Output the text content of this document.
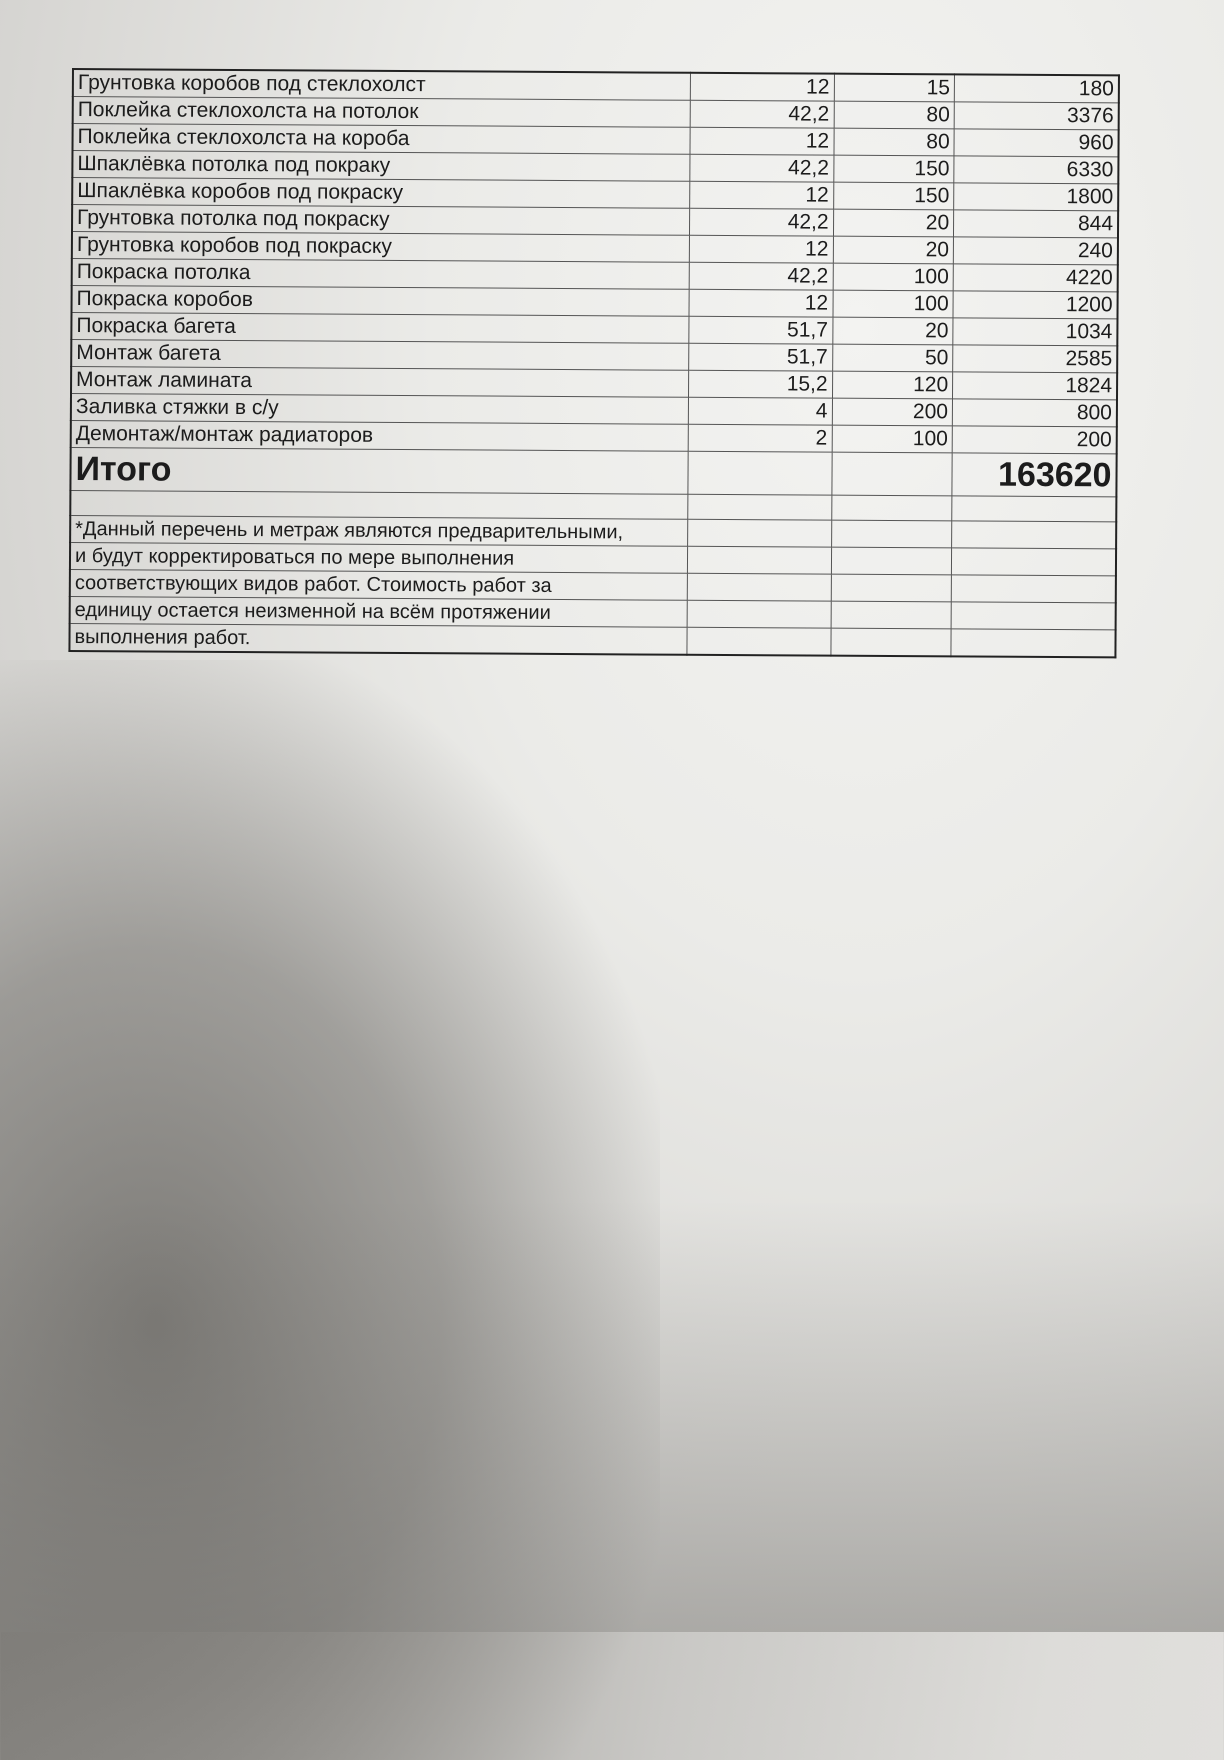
Грунтовка коробов под стеклохолст	12	15	180
Поклейка стеклохолста на потолок	42,2	80	3376
Поклейка стеклохолста на короба	12	80	960
Шпаклёвка потолка под покраку	42,2	150	6330
Шпаклёвка коробов под покраску	12	150	1800
Грунтовка потолка под покраску	42,2	20	844
Грунтовка коробов под покраску	12	20	240
Покраска потолка	42,2	100	4220
Покраска коробов	12	100	1200
Покраска багета	51,7	20	1034
Монтаж багета	51,7	50	2585
Монтаж ламината	15,2	120	1824
Заливка стяжки в с/у	4	200	800
Демонтаж/монтаж радиаторов	2	100	200
Итого			163620

*Данный перечень и метраж являются предварительными,			
и будут корректироваться по мере выполнения			
соответствующих видов работ. Стоимость работ за			
единицу остается неизменной на всём протяжении			
выполнения работ.			
